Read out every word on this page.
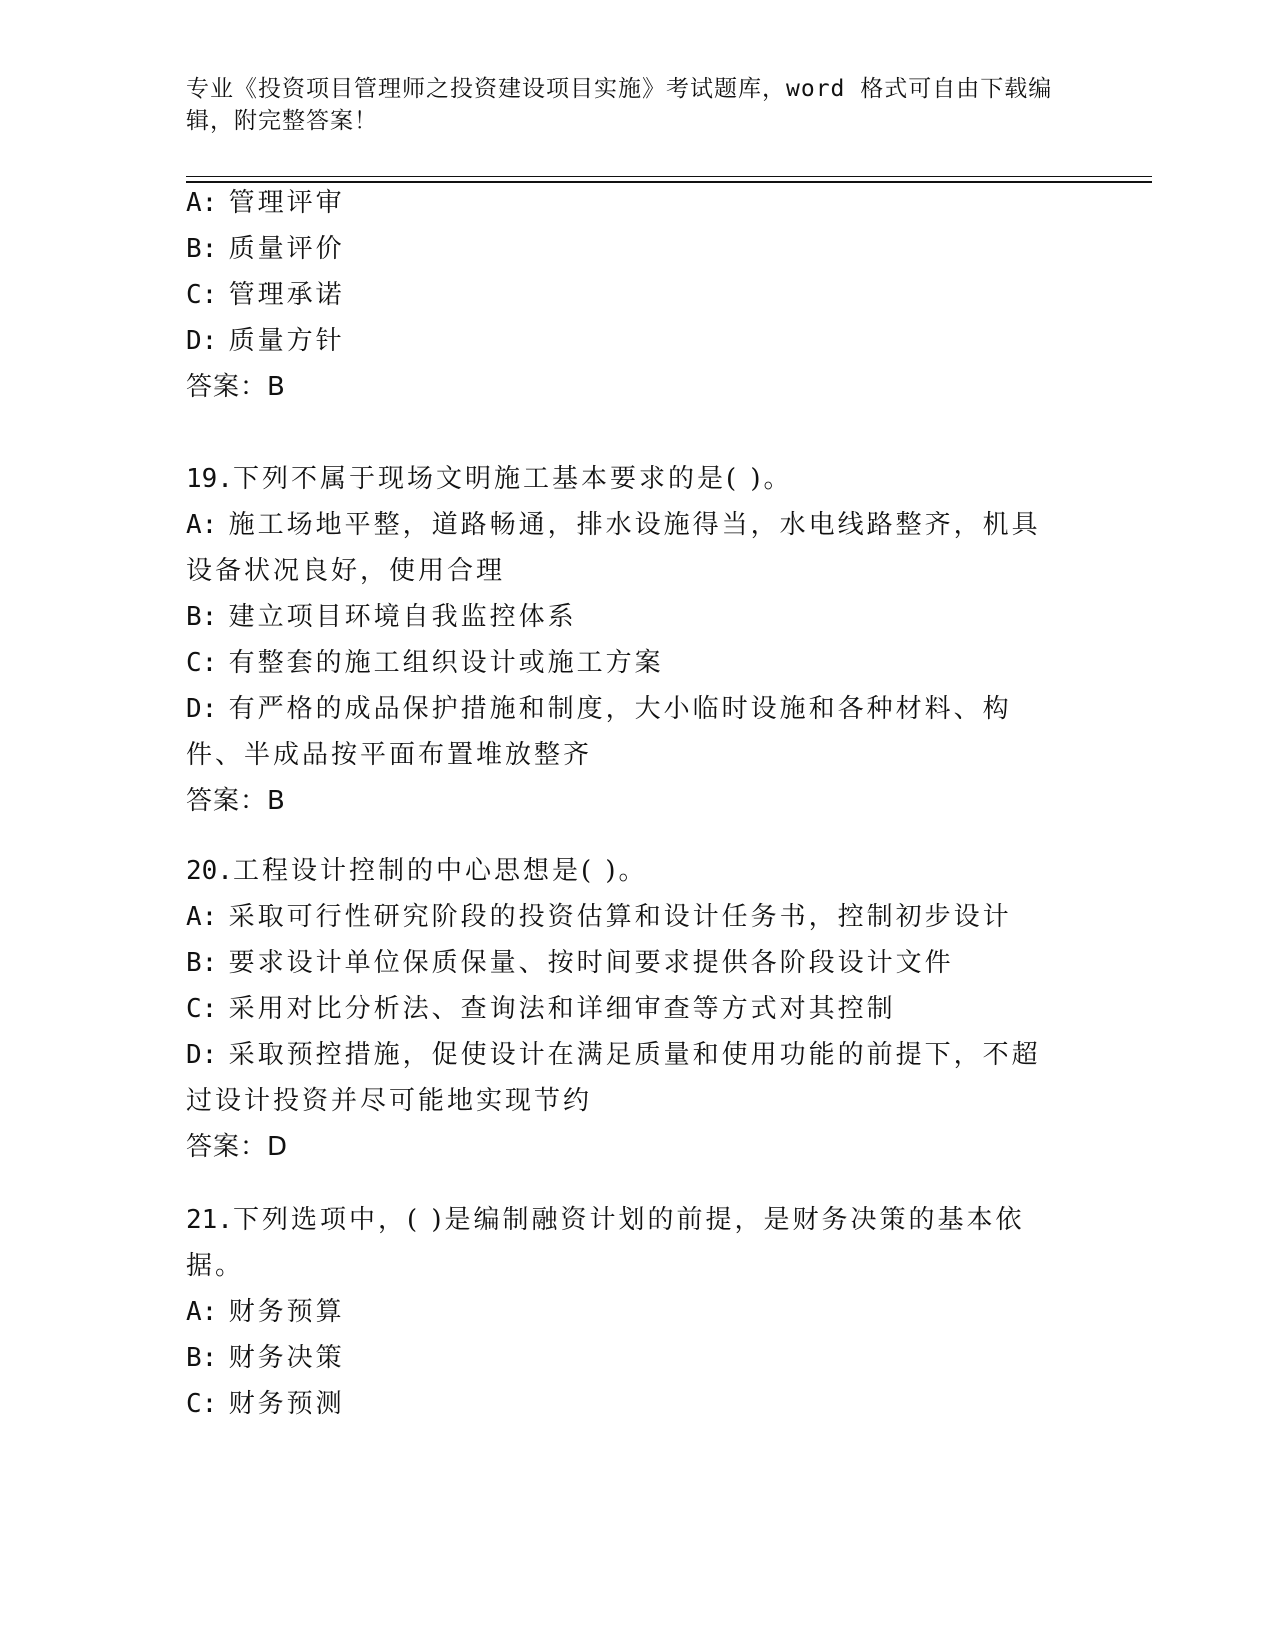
专业《投资项目管理师之投资建设项目实施》考试题库，word 格式可自由下载编辑，附完整答案！
A: 管理评审
B: 质量评价
C: 管理承诺
D: 质量方针
答案：B
19.下列不属于现场文明施工基本要求的是( )。
A: 施工场地平整，道路畅通，排水设施得当，水电线路整齐，机具设备状况良好，使用合理
B: 建立项目环境自我监控体系
C: 有整套的施工组织设计或施工方案
D: 有严格的成品保护措施和制度，大小临时设施和各种材料、构件、半成品按平面布置堆放整齐
答案：B
20.工程设计控制的中心思想是( )。
A: 采取可行性研究阶段的投资估算和设计任务书，控制初步设计
B: 要求设计单位保质保量、按时间要求提供各阶段设计文件
C: 采用对比分析法、查询法和详细审查等方式对其控制
D: 采取预控措施，促使设计在满足质量和使用功能的前提下，不超过设计投资并尽可能地实现节约
答案：D
21.下列选项中，( )是编制融资计划的前提，是财务决策的基本依据。
A: 财务预算
B: 财务决策
C: 财务预测
